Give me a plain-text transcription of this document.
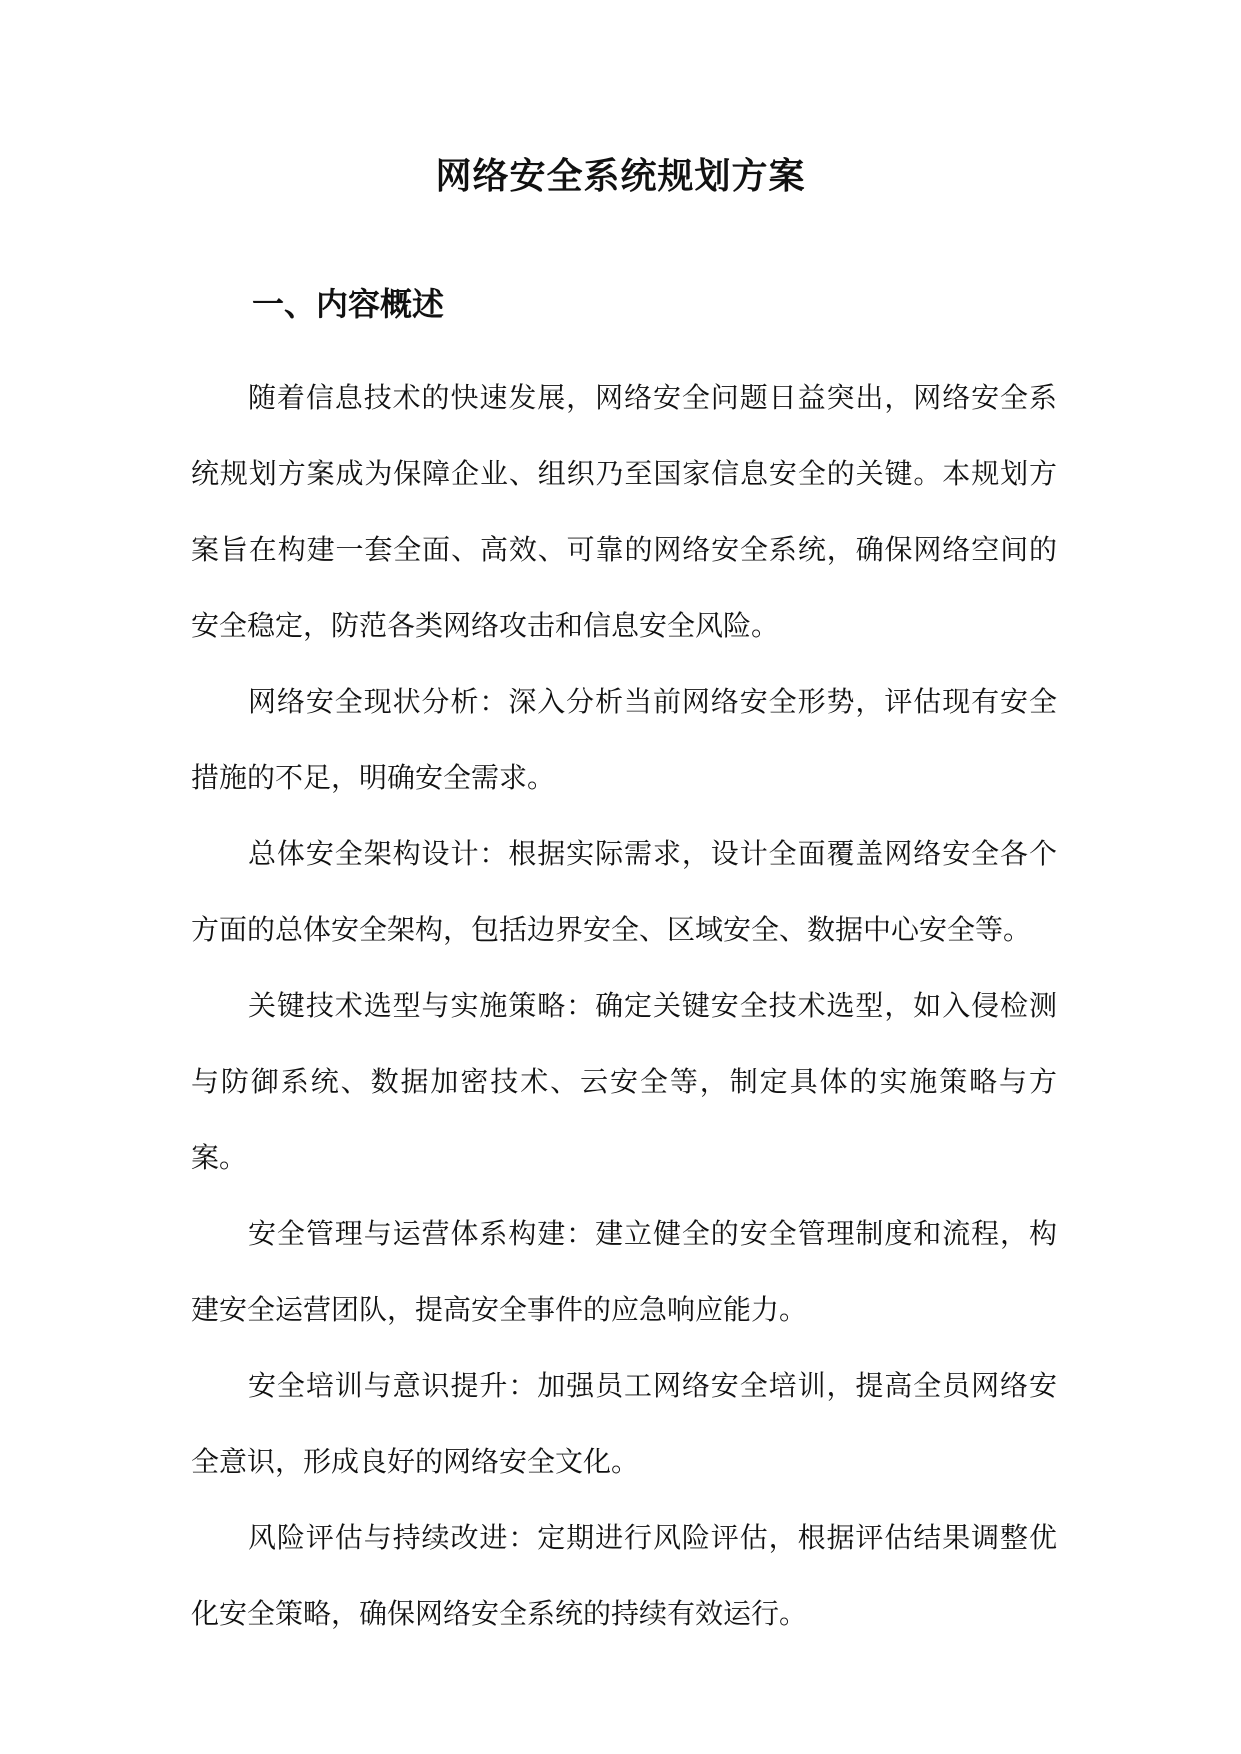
网络安全系统规划方案
一、内容概述

随着信息技术的快速发展，网络安全问题日益突出，网络安全系统规划方案成为保障企业、组织乃至国家信息安全的关键。本规划方案旨在构建一套全面、高效、可靠的网络安全系统，确保网络空间的安全稳定，防范各类网络攻击和信息安全风险。

网络安全现状分析：深入分析当前网络安全形势，评估现有安全措施的不足，明确安全需求。

总体安全架构设计：根据实际需求，设计全面覆盖网络安全各个方面的总体安全架构，包括边界安全、区域安全、数据中心安全等。

关键技术选型与实施策略：确定关键安全技术选型，如入侵检测与防御系统、数据加密技术、云安全等，制定具体的实施策略与方案。

安全管理与运营体系构建：建立健全的安全管理制度和流程，构建安全运营团队，提高安全事件的应急响应能力。

安全培训与意识提升：加强员工网络安全培训，提高全员网络安全意识，形成良好的网络安全文化。

风险评估与持续改进：定期进行风险评估，根据评估结果调整优化安全策略，确保网络安全系统的持续有效运行。
